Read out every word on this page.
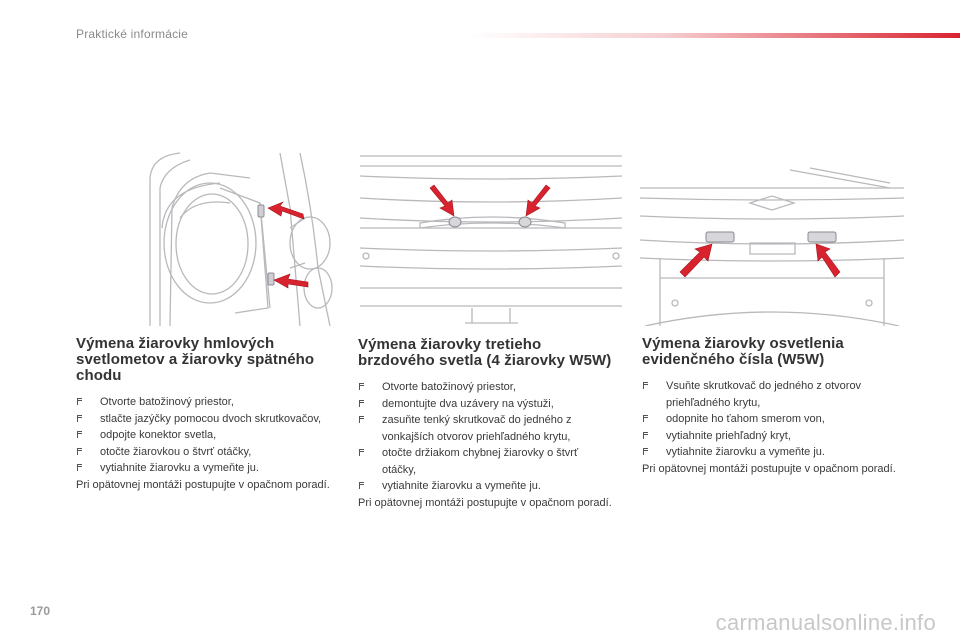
Praktické informácie
Výmena žiarovky hmlových svetlometov a žiarovky spätného chodu
Otvorte batožinový priestor,
stlačte jazýčky pomocou dvoch skrutkovačov,
odpojte konektor svetla,
otočte žiarovkou o štvrť otáčky,
vytiahnite žiarovku a vymeňte ju.

Pri opätovnej montáži postupujte v opačnom poradí.

Výmena žiarovky tretieho brzdového svetla (4 žiarovky W5W)
Otvorte batožinový priestor,
demontujte dva uzávery na výstuži,
zasuňte tenký skrutkovač do jedného z vonkajších otvorov priehľadného krytu,
otočte držiakom chybnej žiarovky o štvrť otáčky,
vytiahnite žiarovku a vymeňte ju.

Pri opätovnej montáži postupujte v opačnom poradí.

Výmena žiarovky osvetlenia evidenčného čísla (W5W)
Vsuňte skrutkovač do jedného z otvorov priehľadného krytu,
odopnite ho ťahom smerom von,
vytiahnite priehľadný kryt,
vytiahnite žiarovku a vymeňte ju.

Pri opätovnej montáži postupujte v opačnom poradí.

170	carmanualsonline.info
